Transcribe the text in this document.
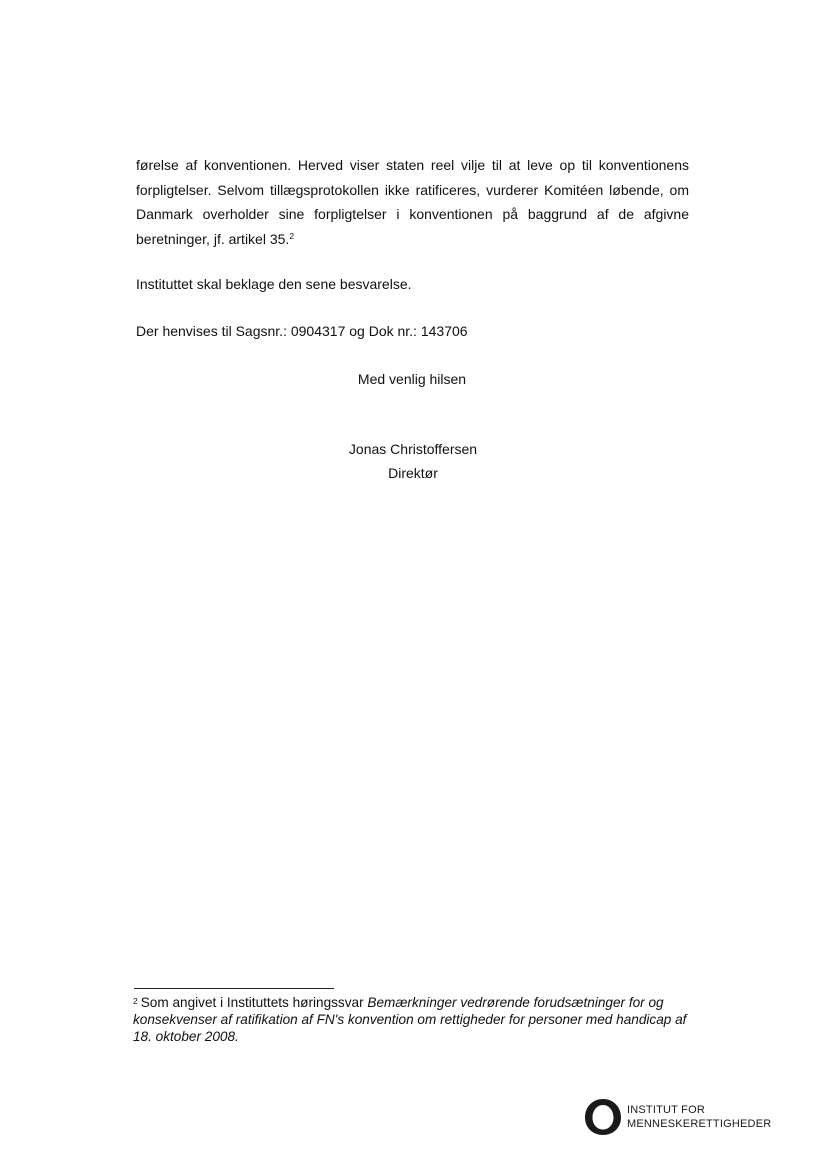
førelse af konventionen. Herved viser staten reel vilje til at leve op til konventionens forpligtelser. Selvom tillægsprotokollen ikke ratificeres, vurderer Komitéen løbende, om Danmark overholder sine forpligtelser i konventionen på baggrund af de afgivne beretninger, jf. artikel 35.$^2$

Instituttet skal beklage den sene besvarelse.

Der henvises til Sagsnr.: 0904317 og Dok nr.: 143706

Med venlig hilsen
Jonas Christoffersen
Direktør
$^2$ Som angivet i Instituttets høringssvar Bemærkninger vedrørende forudsætninger for og konsekvenser af ratifikation af FN's konvention om rettigheder for personer med handicap af 18. oktober 2008.
INSTITUT FOR
MENNESKERETTIGHEDER
